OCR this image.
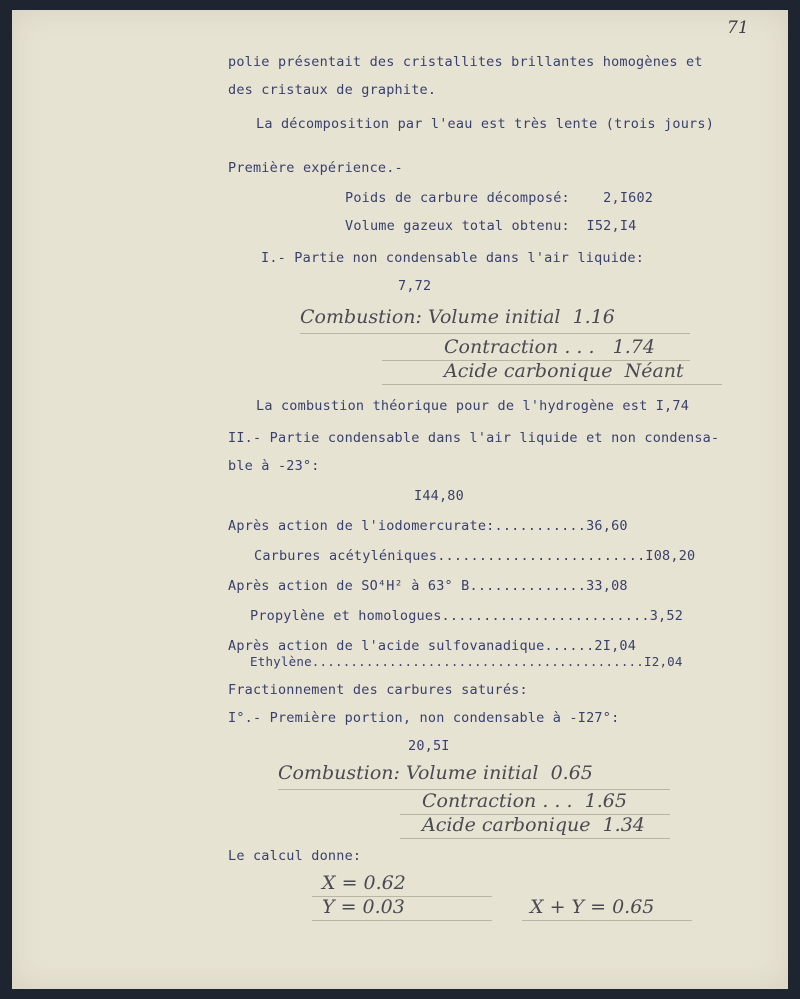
71
polie présentait des cristallites brillantes homogènes et
des cristaux de graphite.
La décomposition par l'eau est très lente (trois jours)
Première expérience.-
Poids de carbure décomposé:    2,I602
Volume gazeux total obtenu:  I52,I4
I.- Partie non condensable dans l'air liquide:
7,72
Combustion: Volume initial  1.16
Contraction . . .   1.74
Acide carbonique  Néant
La combustion théorique pour de l'hydrogène est I,74
II.- Partie condensable dans l'air liquide et non condensa-
ble à -23°:
I44,80
Après action de l'iodomercurate:...........36,60
Carbures acétyléniques.........................I08,20
Après action de SO⁴H² à 63° B..............33,08
Propylène et homologues.........................3,52
Après action de l'acide sulfovanadique......2I,04
Ethylène...........................................I2,04
Fractionnement des carbures saturés:
I°.- Première portion, non condensable à -I27°:
20,5I
Combustion: Volume initial  0.65
Contraction . . .  1.65
Acide carbonique  1.34
Le calcul donne:
X = 0.62
Y = 0.03	X + Y = 0.65
